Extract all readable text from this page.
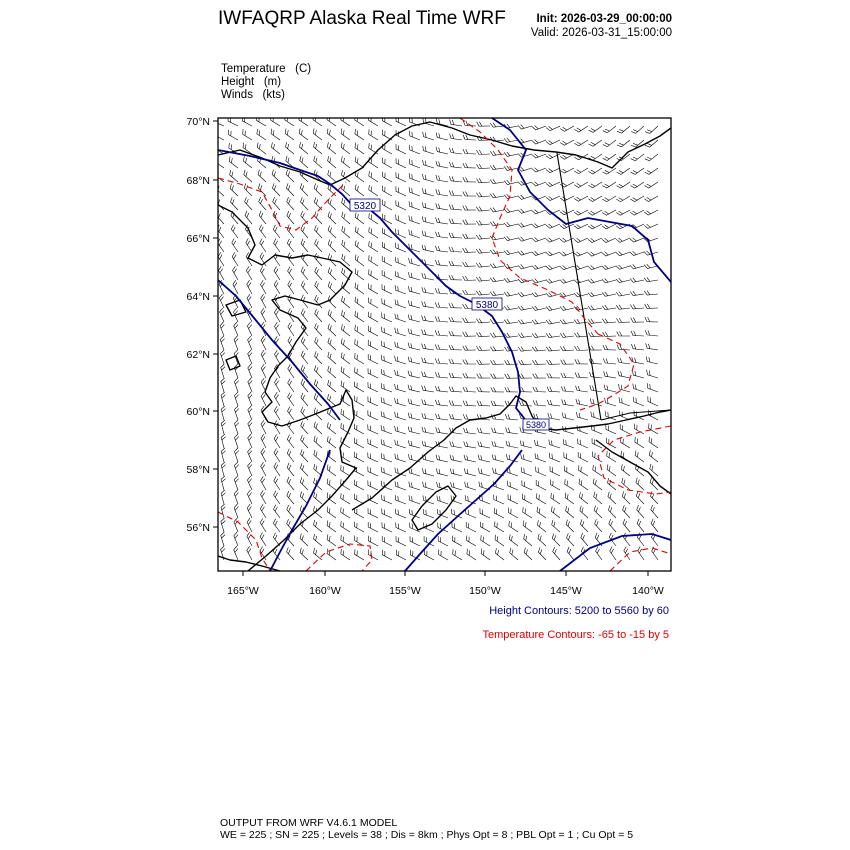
IWFAQRP Alaska Real Time WRF	Init: 2026-03-29_00:00:00
Valid: 2026-03-31_15:00:00
Temperature (C)
Height (m)
Winds (kts)
5320
5380
5380
70°N
68°N
66°N
64°N
62°N
60°N
58°N
56°N
165°W	160°W	155°W	150°W	145°W	140°W
Height Contours: 5200 to 5560 by 60
Temperature Contours: -65 to -15 by 5
OUTPUT FROM WRF V4.6.1 MODEL
WE = 225 ; SN = 225 ; Levels = 38 ; Dis = 8km ; Phys Opt = 8 ; PBL Opt = 1 ; Cu Opt = 5
